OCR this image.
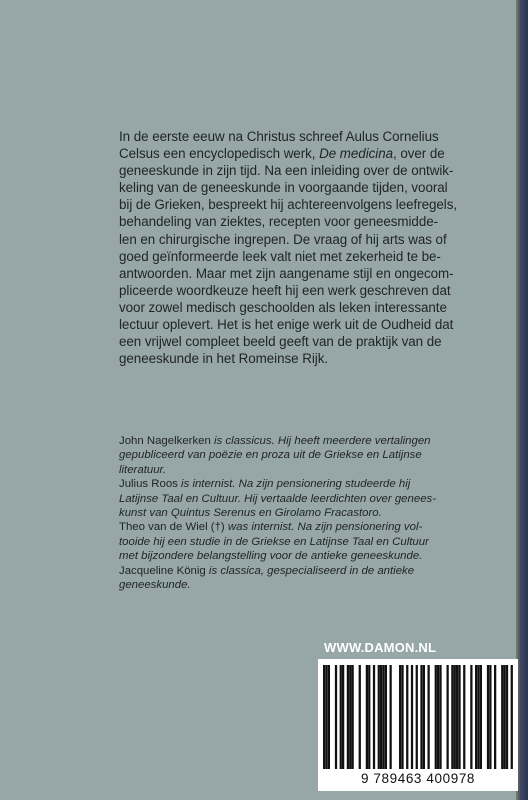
In de eerste eeuw na Christus schreef Aulus Cornelius

Celsus een encyclopedisch werk, De medicina, over de

geneeskunde in zijn tijd. Na een inleiding over de ontwik-

keling van de geneeskunde in voorgaande tijden, vooral

bij de Grieken, bespreekt hij achtereenvolgens leefregels,

behandeling van ziektes, recepten voor geneesmidde-

len en chirurgische ingrepen. De vraag of hij arts was of

goed geïnformeerde leek valt niet met zekerheid te be-

antwoorden. Maar met zijn aangename stijl en ongecom-

pliceerde woordkeuze heeft hij een werk geschreven dat

voor zowel medisch geschoolden als leken interessante

lectuur oplevert. Het is het enige werk uit de Oudheid dat

een vrijwel compleet beeld geeft van de praktijk van de

geneeskunde in het Romeinse Rijk.

John Nagelkerken is classicus. Hij heeft meerdere vertalingen

gepubliceerd van poëzie en proza uit de Griekse en Latijnse

literatuur.

Julius Roos is internist. Na zijn pensionering studeerde hij

Latijnse Taal en Cultuur. Hij vertaalde leerdichten over genees-

kunst van Quintus Serenus en Girolamo Fracastoro.

Theo van de Wiel (†) was internist. Na zijn pensionering vol-

tooide hij een studie in de Griekse en Latijnse Taal en Cultuur

met bijzondere belangstelling voor de antieke geneeskunde.

Jacqueline König is classica, gespecialiseerd in de antieke

geneeskunde.

WWW.DAMON.NL
9 789463 400978
